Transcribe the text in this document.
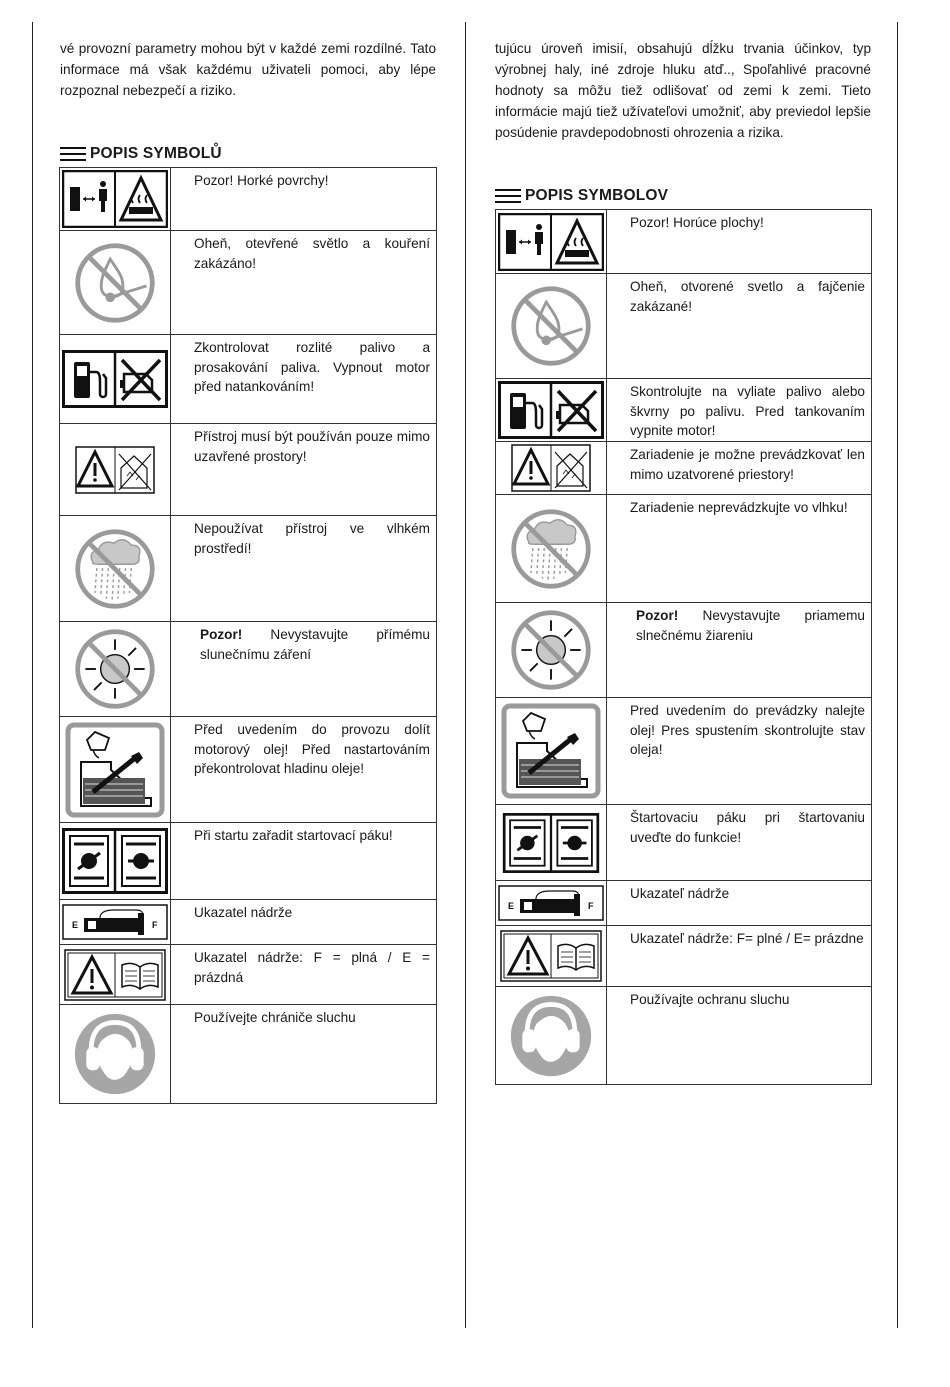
vé provozní parametry mohou být v každé zemi rozdílné. Tato informace má však každému uživateli pomoci, aby lépe rozpoznal nebezpečí a riziko.

POPIS SYMBOLŮ
	Pozor! Horké povrchy!

	Oheň, otevřené světlo a kouření zakázáno!

	Zkontrolovat rozlité palivo a prosakování paliva. Vypnout motor před natankováním!

	Přístroj musí být používán pouze mimo uzavřené prostory!

	Nepoužívat přístroj ve vlhkém prostředí!

	Pozor! Nevystavujte přímému slunečnímu záření

	Před uvedením do provozu dolít motorový olej! Před nastartováním překontrolovat hladinu oleje!

	Při startu zařadit startovací páku!

	Ukazatel nádrže

	Ukazatel nádrže: F = plná / E = prázdná

	Používejte chrániče sluchu

tujúcu úroveň imisií, obsahujú dĺžku trvania účinkov, typ výrobnej haly, iné zdroje hluku atď.., Spoľahlivé pracovné hodnoty sa môžu tiež odlišovať od zemi k zemi. Tieto informácie majú tiež užívateľovi umožniť, aby previedol lepšie posúdenie pravdepodobnosti ohrozenia a rizika.

POPIS SYMBOLOV
	Pozor! Horúce plochy!

	Oheň, otvorené svetlo a fajčenie zakázané!

	Skontrolujte na vyliate palivo alebo škvrny po palivu. Pred tankovaním vypnite motor!

	Zariadenie je možne prevádzkovať len mimo uzatvorené priestory!

	Zariadenie neprevádzkujte vo vlhku!

	Pozor! Nevystavujte priamemu slnečnému žiareniu

	Pred uvedením do prevádzky nalejte olej! Pres spustením skontrolujte stav oleja!

	Štartovaciu páku pri štartovaniu uveďte do funkcie!

	Ukazateľ nádrže

	Ukazateľ nádrže: F= plné / E= prázdne

	Používajte ochranu sluchu
